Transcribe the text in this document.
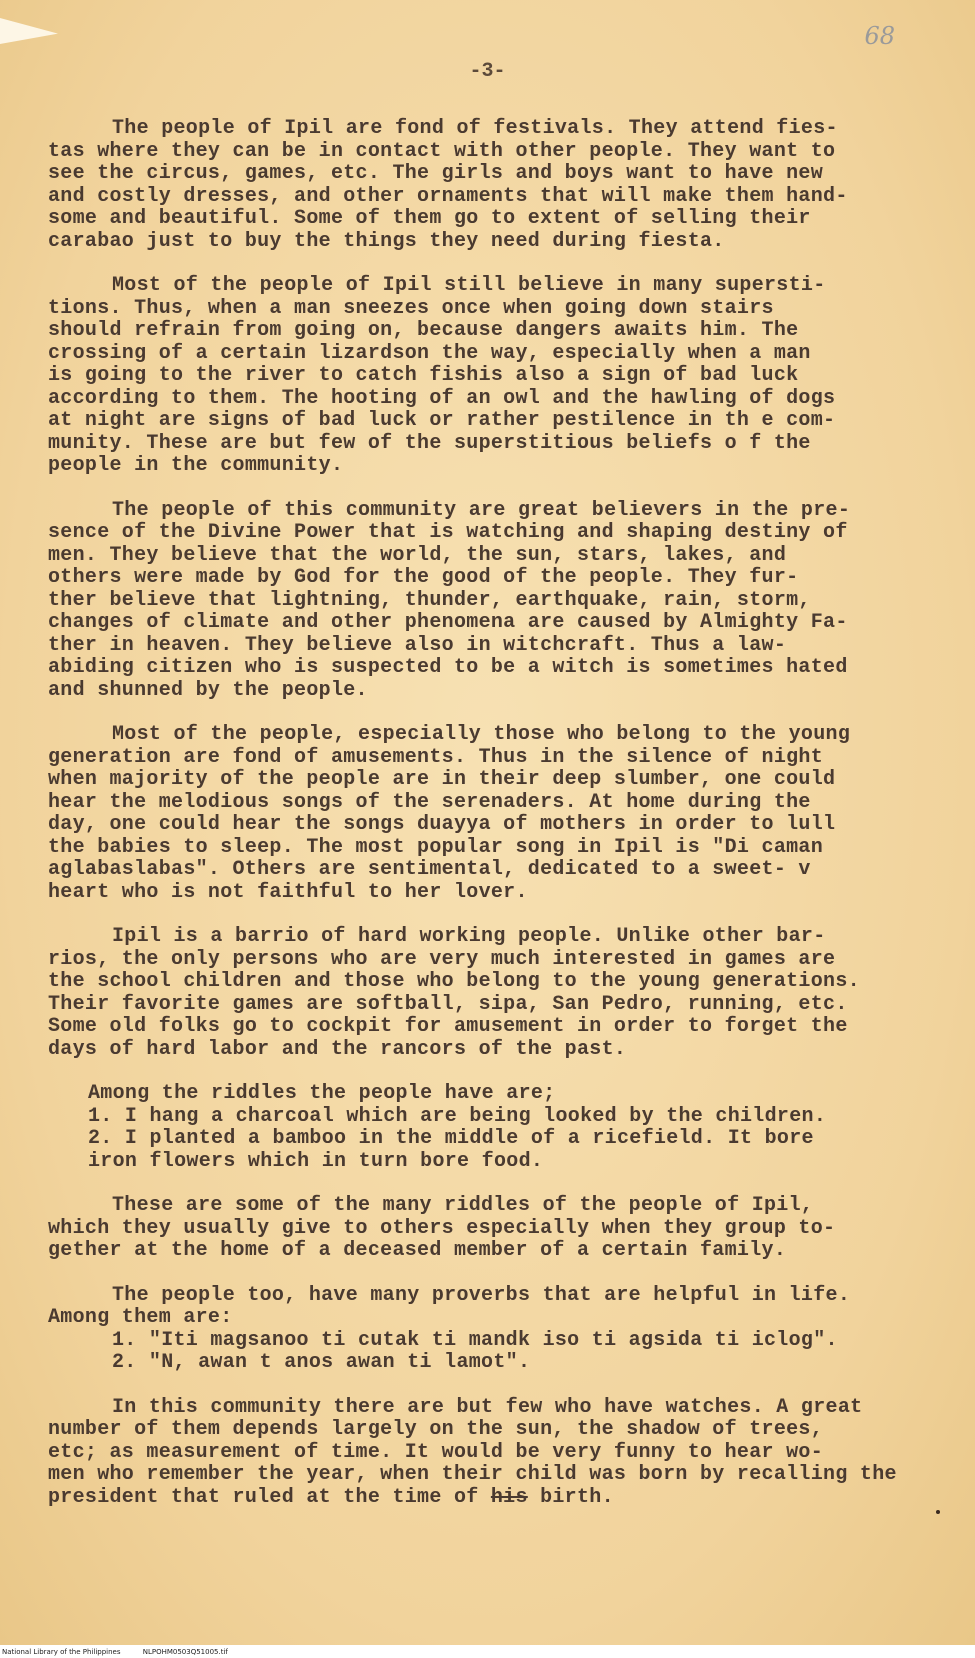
68
-3-

The people of Ipil are fond of festivals. They attend fies-
tas where they can be in contact with other people. They want to
see the circus, games, etc. The girls and boys want to have new
and costly dresses, and other ornaments that will make them hand-
some and beautiful. Some of them go to extent of selling their
carabao just to buy the things they need during fiesta.

Most of the people of Ipil still believe in many supersti-
tions. Thus, when a man sneezes once when going down stairs
should refrain from going on, because dangers awaits him. The
crossing of a certain lizardson the way, especially when a man
is going to the river to catch fishis also a sign of bad luck
according to them. The hooting of an owl and the hawling of dogs
at night are signs of bad luck or rather pestilence in th e com-
munity. These are but few of the superstitious beliefs o f the
people in the community.

The people of this community are great believers in the pre-
sence of the Divine Power that is watching and shaping destiny of
men. They believe that the world, the sun, stars, lakes, and
others were made by God for the good of the people. They fur-
ther believe that lightning, thunder, earthquake, rain, storm,
changes of climate and other phenomena are caused by Almighty Fa-
ther in heaven. They believe also in witchcraft. Thus a law-
abiding citizen who is suspected to be a witch is sometimes hated
and shunned by the people.

Most of the people, especially those who belong to the young
generation are fond of amusements. Thus in the silence of night
when majority of the people are in their deep slumber, one could
hear the melodious songs of the serenaders. At home during the
day, one could hear the songs duayya of mothers in order to lull
the babies to sleep. The most popular song in Ipil is "Di caman
aglabaslabas". Others are sentimental, dedicated to a sweet- v
heart who is not faithful to her lover.

Ipil is a barrio of hard working people. Unlike other bar-
rios, the only persons who are very much interested in games are
the school children and those who belong to the young generations.
Their favorite games are softball, sipa, San Pedro, running, etc.
Some old folks go to cockpit for amusement in order to forget the
days of hard labor and the rancors of the past.

Among the riddles the people have are;
1. I hang a charcoal which are being looked by the children.
2. I planted a bamboo in the middle of a ricefield. It bore
iron flowers which in turn bore food.

These are some of the many riddles of the people of Ipil,
which they usually give to others especially when they group to-
gether at the home of a deceased member of a certain family.

The people too, have many proverbs that are helpful in life.
Among them are:
1. "Iti magsanoo ti cutak ti mandk iso ti agsida ti iclog".
2. "N, awan t anos awan ti lamot".

In this community there are but few who have watches. A great
number of them depends largely on the sun, the shadow of trees,
etc; as measurement of time. It would be very funny to hear wo-
men who remember the year, when their child was born by recalling the
president that ruled at the time of his birth.

National Library of the Philippines	NLPOHM0503Q51005.tif
